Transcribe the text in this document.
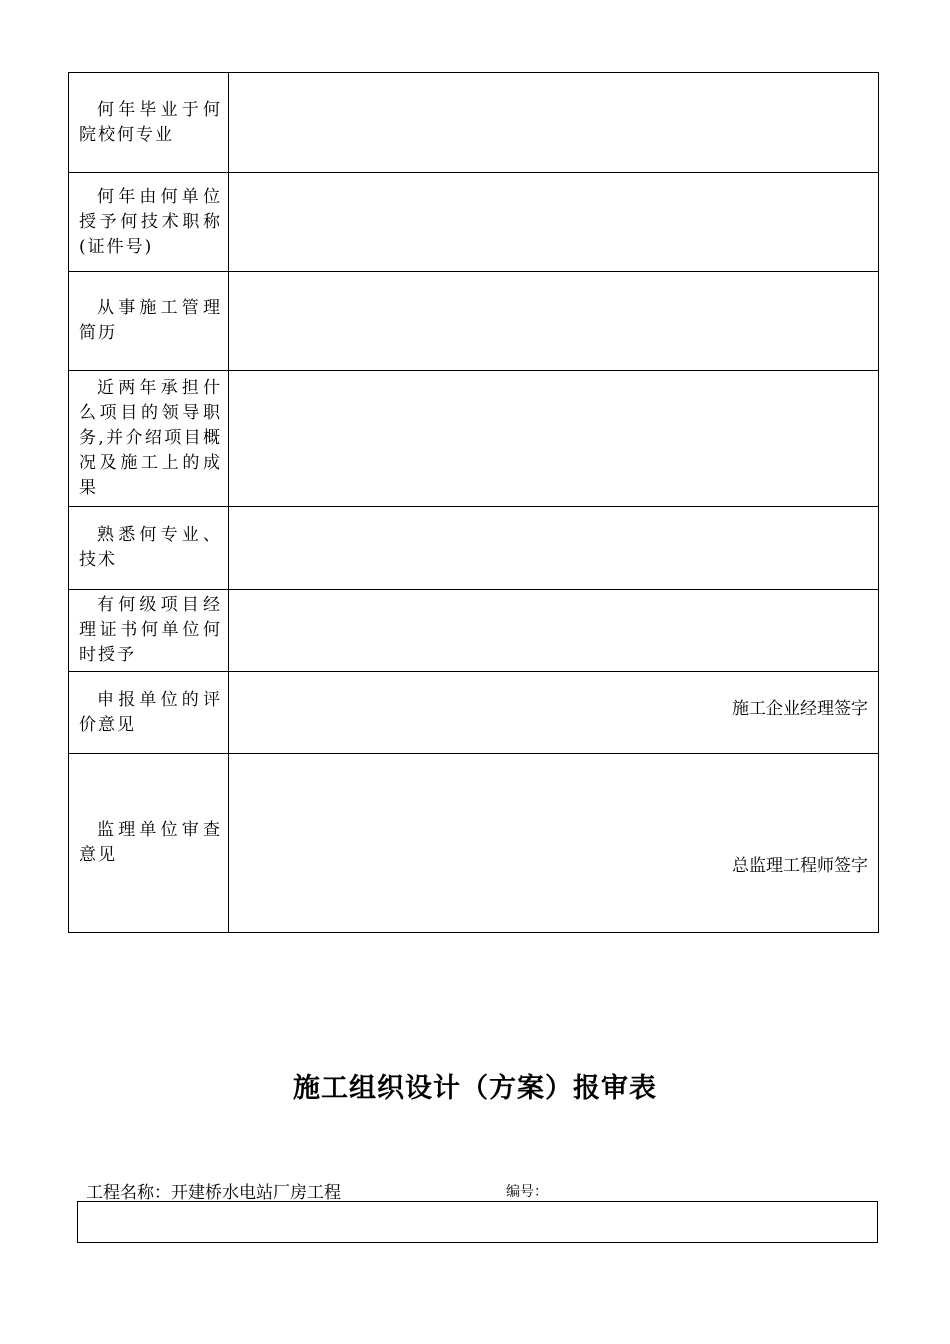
何年毕业于何院校何专业	

何年由何单位授予何技术职称(证件号)	

从事施工管理简历	

近两年承担什么项目的领导职务,并介绍项目概况及施工上的成果	

熟悉何专业、技术	

有何级项目经理证书何单位何时授予	

申报单位的评价意见	施工企业经理签字

监理单位审查意见	总监理工程师签字
施工组织设计（方案）报审表
工程名称：开建桥水电站厂房工程	编号：
